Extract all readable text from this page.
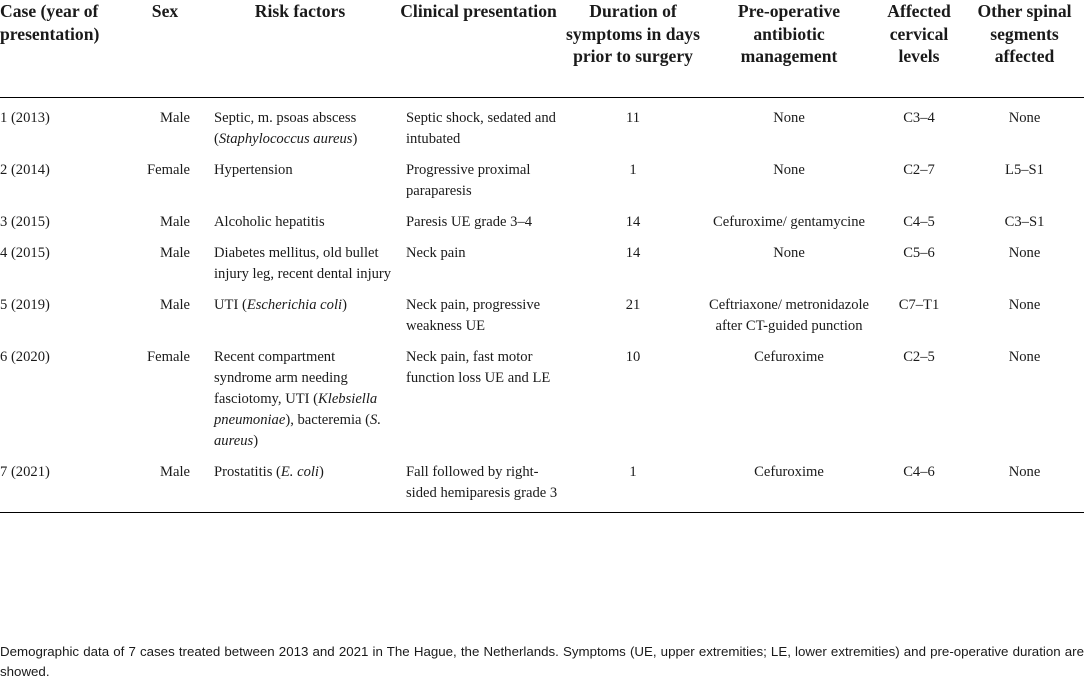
Case (year of presentation)	Sex	Risk factors	Clinical presentation	Duration of symptoms in days prior to surgery	Pre-operative antibiotic management	Affected cervical levels	Other spinal segments affected
1 (2013)	Male	Septic, m. psoas abscess (Staphylococcus aureus)	Septic shock, sedated and intubated	11	None	C3–4	None
2 (2014)	Female	Hypertension	Progressive proximal paraparesis	1	None	C2–7	L5–S1
3 (2015)	Male	Alcoholic hepatitis	Paresis UE grade 3–4	14	Cefuroxime/ gentamycine	C4–5	C3–S1
4 (2015)	Male	Diabetes mellitus, old bullet injury leg, recent dental injury	Neck pain	14	None	C5–6	None
5 (2019)	Male	UTI (Escherichia coli)	Neck pain, progressive weakness UE	21	Ceftriaxone/ metronidazole after CT-guided punction	C7–T1	None
6 (2020)	Female	Recent compartment syndrome arm needing fasciotomy, UTI (Klebsiella pneumoniae), bacteremia (S. aureus)	Neck pain, fast motor function loss UE and LE	10	Cefuroxime	C2–5	None
7 (2021)	Male	Prostatitis (E. coli)	Fall followed by right-sided hemiparesis grade 3	1	Cefuroxime	C4–6	None
Demographic data of 7 cases treated between 2013 and 2021 in The Hague, the Netherlands. Symptoms (UE, upper extremities; LE, lower extremities) and pre-operative duration are showed.
